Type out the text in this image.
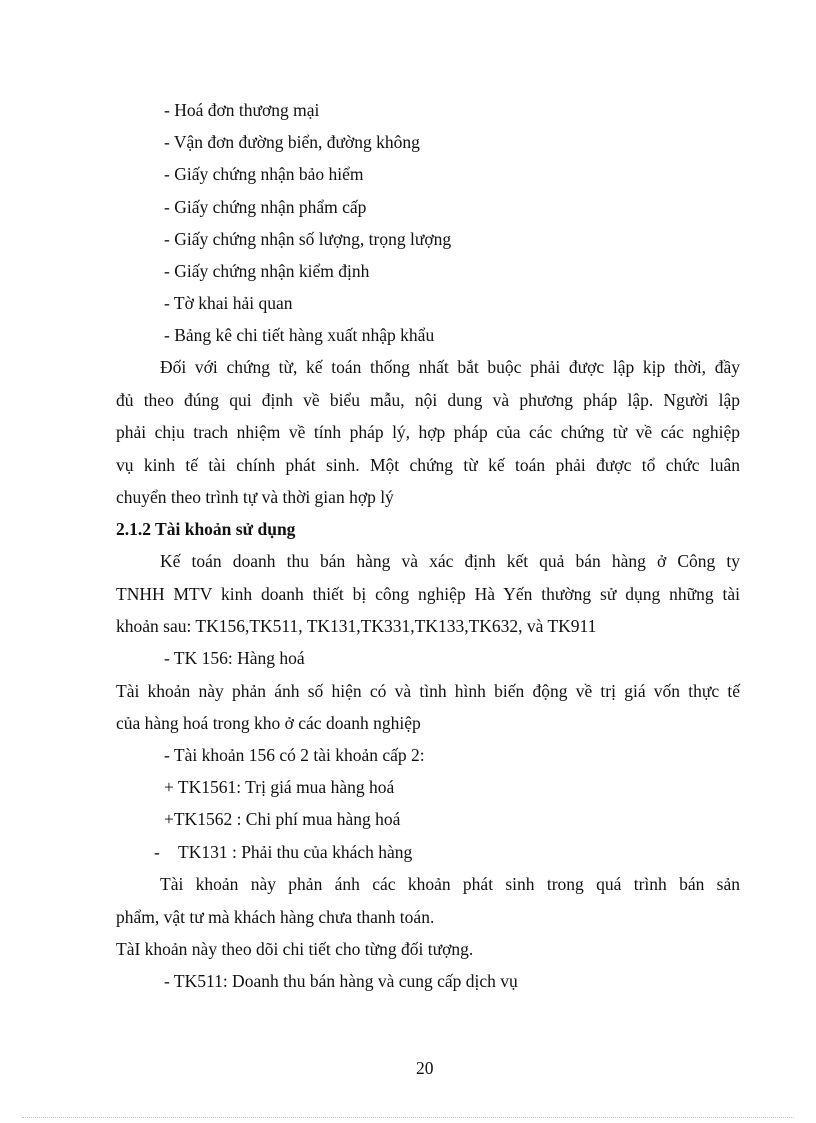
- Hoá đơn thương mại
- Vận đơn đường biển, đường không
- Giấy chứng nhận bảo hiểm
- Giấy chứng nhận phẩm cấp
- Giấy chứng nhận số lượng, trọng lượng
- Giấy chứng nhận kiểm định
- Tờ khai hải quan
- Bảng kê chi tiết hàng xuất nhập khẩu
Đối với chứng từ, kế toán thống nhất bắt buộc phải được lập kịp thời, đầy
đủ theo đúng qui định về biểu mẫu, nội dung và phương pháp lập. Người lập
phải chịu trach nhiệm về tính pháp lý, hợp pháp của các chứng từ về các nghiệp
vụ kinh tế tài chính phát sinh. Một chứng từ kế toán phải được tổ chức luân
chuyển theo trình tự và thời gian hợp lý
2.1.2 Tài khoản sử dụng
Kế toán doanh thu bán hàng và xác định kết quả bán hàng ở Công ty
TNHH MTV kinh doanh thiết bị công nghiệp Hà Yến thường sử dụng những tài
khoản sau: TK156,TK511, TK131,TK331,TK133,TK632, và TK911
- TK 156: Hàng hoá
Tài khoản này phản ánh số hiện có và tình hình biến động về trị giá vốn thực tế
của hàng hoá trong kho ở các doanh nghiệp
- Tài khoản 156 có 2 tài khoản cấp 2:
+ TK1561: Trị giá mua hàng hoá
+TK1562 : Chi phí mua hàng hoá
- TK131 : Phải thu của khách hàng
Tài khoản này phản ánh các khoản phát sinh trong quá trình bán sản
phẩm, vật tư mà khách hàng chưa thanh toán.
TàI khoản này theo dõi chi tiết cho từng đối tượng.
- TK511: Doanh thu bán hàng và cung cấp dịch vụ
20
